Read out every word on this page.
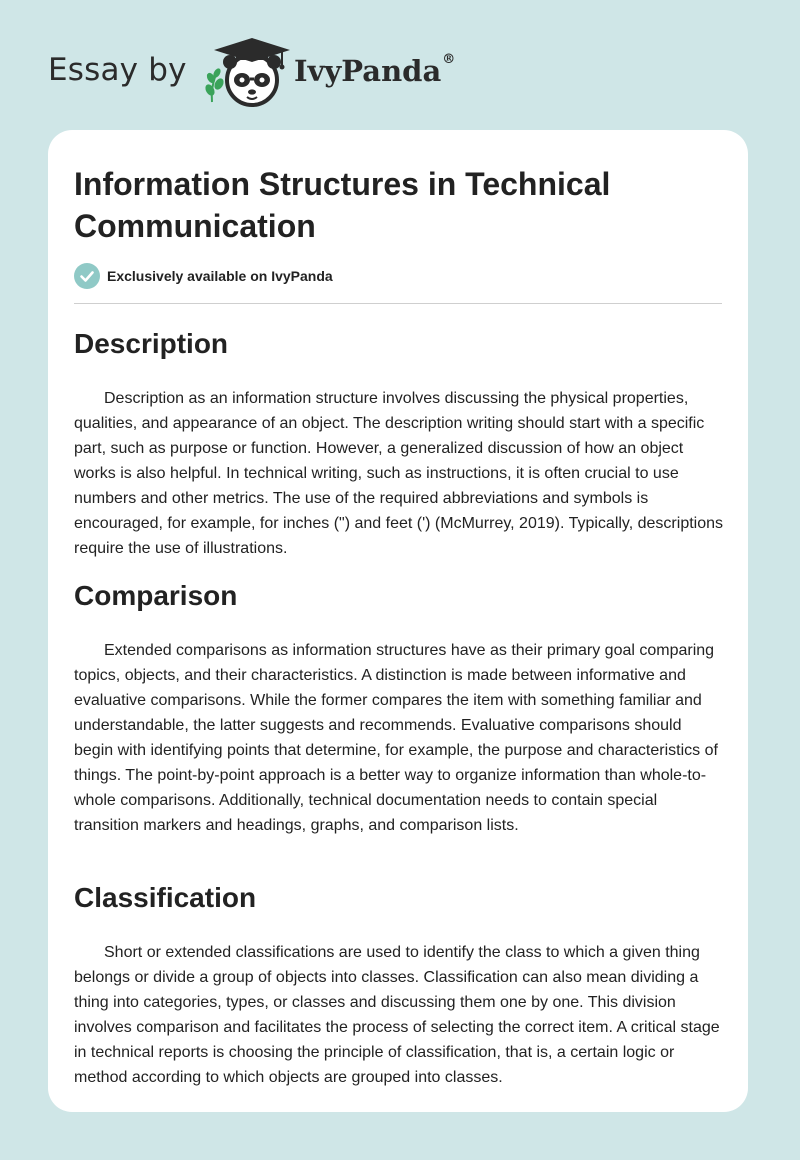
Essay by	IvyPanda®
Information Structures in Technical Communication
Exclusively available on IvyPanda
Description

Description as an information structure involves discussing the physical properties, qualities, and appearance of an object. The description writing should start with a specific part, such as purpose or function. However, a generalized discussion of how an object works is also helpful. In technical writing, such as instructions, it is often crucial to use numbers and other metrics. The use of the required abbreviations and symbols is encouraged, for example, for inches (") and feet (') (McMurrey, 2019). Typically, descriptions require the use of illustrations.

Comparison

Extended comparisons as information structures have as their primary goal comparing topics, objects, and their characteristics. A distinction is made between informative and evaluative comparisons. While the former compares the item with something familiar and understandable, the latter suggests and recommends. Evaluative comparisons should begin with identifying points that determine, for example, the purpose and characteristics of things. The point-by-point approach is a better way to organize information than whole-to-whole comparisons. Additionally, technical documentation needs to contain special transition markers and headings, graphs, and comparison lists.

Classification

Short or extended classifications are used to identify the class to which a given thing belongs or divide a group of objects into classes. Classification can also mean dividing a thing into categories, types, or classes and discussing them one by one. This division involves comparison and facilitates the process of selecting the correct item. A critical stage in technical reports is choosing the principle of classification, that is, a certain logic or method according to which objects are grouped into classes.
